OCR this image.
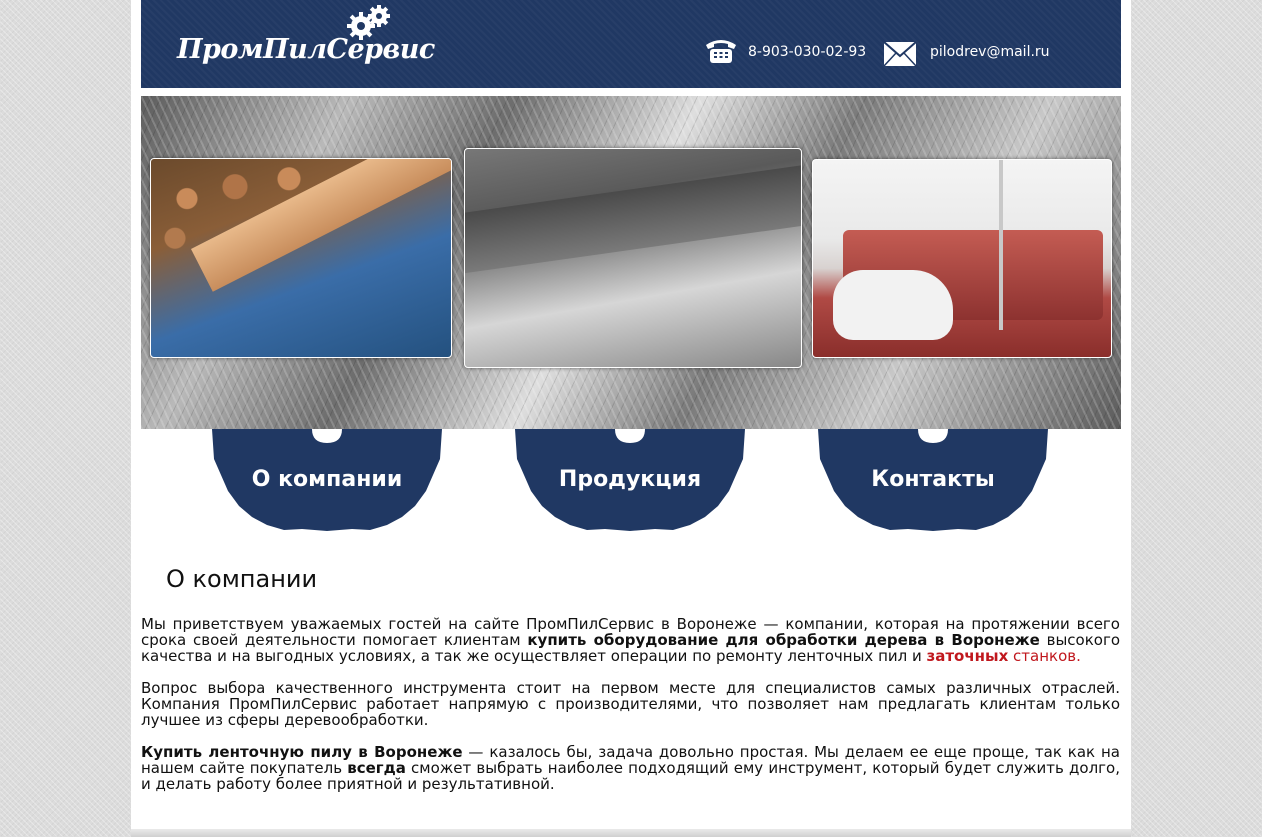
ПромПилСервис	8-903-030-02-93	pilodrev@mail.ru
О компании	Продукция	Контакты
О компании

Мы приветствуем уважаемых гостей на сайте ПромПилСервис в Воронеже — компании, которая на протяжении всего срока своей деятельности помогает клиентам купить оборудование для обработки дерева в Воронеже высокого качества и на выгодных условиях, а так же осуществляет операции по ремонту ленточных пил и заточных станков.

Вопрос выбора качественного инструмента стоит на первом месте для специалистов самых различных отраслей. Компания ПромПилСервис работает напрямую с производителями, что позволяет нам предлагать клиентам только лучшее из сферы деревообработки.

Купить ленточную пилу в Воронеже — казалось бы, задача довольно простая. Мы делаем ее еще проще, так как на нашем сайте покупатель всегда сможет выбрать наиболее подходящий ему инструмент, который будет служить долго, и делать работу более приятной и результативной.
